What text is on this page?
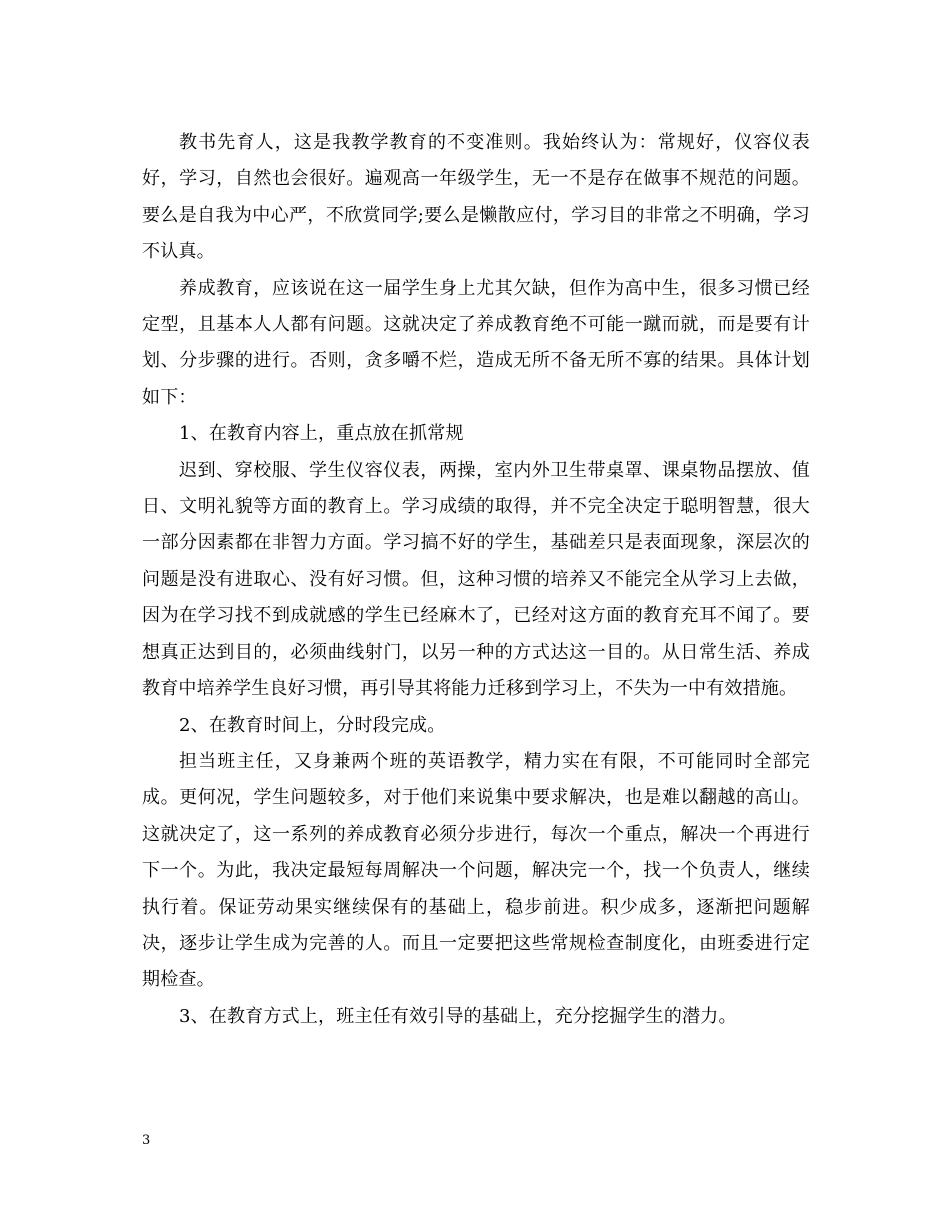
教书先育人，这是我教学教育的不变准则。我始终认为：常规好，仪容仪表好，学习，自然也会很好。遍观高一年级学生，无一不是存在做事不规范的问题。要么是自我为中心严，不欣赏同学;要么是懒散应付，学习目的非常之不明确，学习不认真。

养成教育，应该说在这一届学生身上尤其欠缺，但作为高中生，很多习惯已经定型，且基本人人都有问题。这就决定了养成教育绝不可能一蹴而就，而是要有计划、分步骤的进行。否则，贪多嚼不烂，造成无所不备无所不寡的结果。具体计划如下：

1、在教育内容上，重点放在抓常规

迟到、穿校服、学生仪容仪表，两操，室内外卫生带桌罩、课桌物品摆放、值日、文明礼貌等方面的教育上。学习成绩的取得，并不完全决定于聪明智慧，很大一部分因素都在非智力方面。学习搞不好的学生，基础差只是表面现象，深层次的问题是没有进取心、没有好习惯。但，这种习惯的培养又不能完全从学习上去做，因为在学习找不到成就感的学生已经麻木了，已经对这方面的教育充耳不闻了。要想真正达到目的，必须曲线射门，以另一种的方式达这一目的。从日常生活、养成教育中培养学生良好习惯，再引导其将能力迁移到学习上，不失为一中有效措施。

2、在教育时间上，分时段完成。

担当班主任，又身兼两个班的英语教学，精力实在有限，不可能同时全部完成。更何况，学生问题较多，对于他们来说集中要求解决，也是难以翻越的高山。这就决定了，这一系列的养成教育必须分步进行，每次一个重点，解决一个再进行下一个。为此，我决定最短每周解决一个问题，解决完一个，找一个负责人，继续执行着。保证劳动果实继续保有的基础上，稳步前进。积少成多，逐渐把问题解决，逐步让学生成为完善的人。而且一定要把这些常规检查制度化，由班委进行定期检查。

3、在教育方式上，班主任有效引导的基础上，充分挖掘学生的潜力。

3
